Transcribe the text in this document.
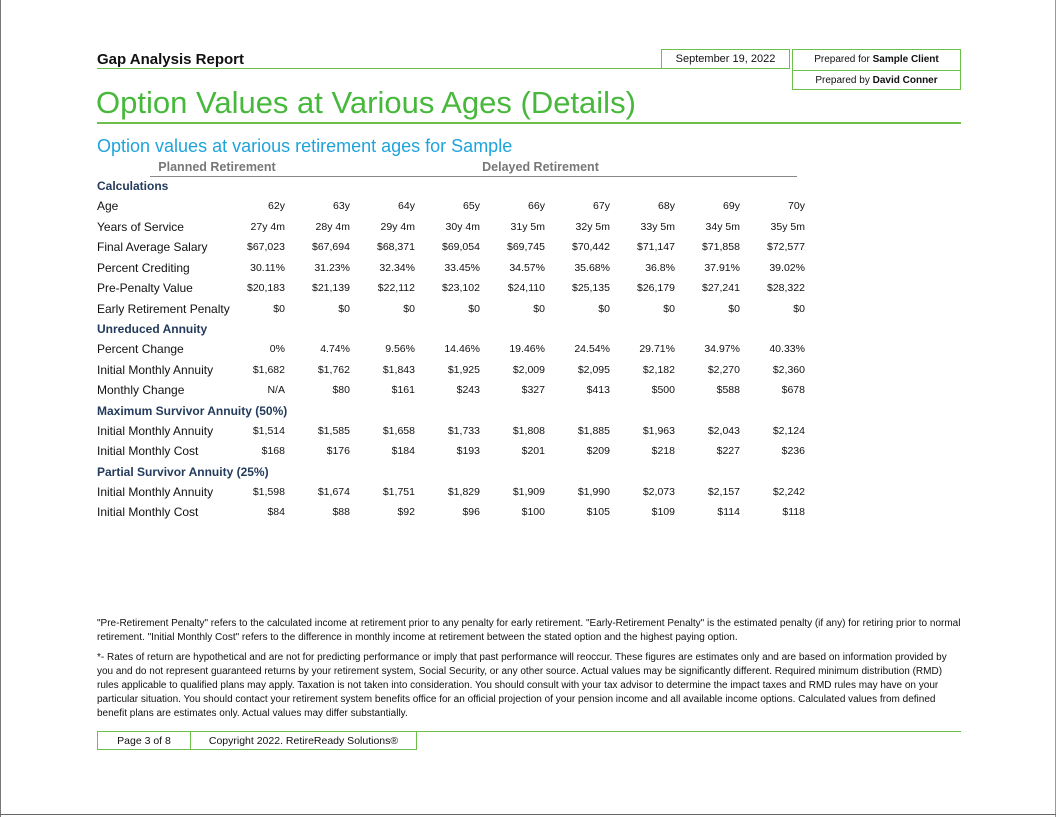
Gap Analysis Report	September 19, 2022	Prepared for Sample Client
Prepared by David Conner
Option Values at Various Ages (Details)
Option values at various retirement ages for Sample
Planned Retirement	Delayed Retirement
Calculations									
Age	62y	63y	64y	65y	66y	67y	68y	69y	70y
Years of Service	27y 4m	28y 4m	29y 4m	30y 4m	31y 5m	32y 5m	33y 5m	34y 5m	35y 5m
Final Average Salary	$67,023	$67,694	$68,371	$69,054	$69,745	$70,442	$71,147	$71,858	$72,577
Percent Crediting	30.11%	31.23%	32.34%	33.45%	34.57%	35.68%	36.8%	37.91%	39.02%
Pre-Penalty Value	$20,183	$21,139	$22,112	$23,102	$24,110	$25,135	$26,179	$27,241	$28,322
Early Retirement Penalty	$0	$0	$0	$0	$0	$0	$0	$0	$0
Unreduced Annuity									
Percent Change	0%	4.74%	9.56%	14.46%	19.46%	24.54%	29.71%	34.97%	40.33%
Initial Monthly Annuity	$1,682	$1,762	$1,843	$1,925	$2,009	$2,095	$2,182	$2,270	$2,360
Monthly Change	N/A	$80	$161	$243	$327	$413	$500	$588	$678
Maximum Survivor Annuity (50%)									
Initial Monthly Annuity	$1,514	$1,585	$1,658	$1,733	$1,808	$1,885	$1,963	$2,043	$2,124
Initial Monthly Cost	$168	$176	$184	$193	$201	$209	$218	$227	$236
Partial Survivor Annuity (25%)									
Initial Monthly Annuity	$1,598	$1,674	$1,751	$1,829	$1,909	$1,990	$2,073	$2,157	$2,242
Initial Monthly Cost	$84	$88	$92	$96	$100	$105	$109	$114	$118
"Pre-Retirement Penalty" refers to the calculated income at retirement prior to any penalty for early retirement. "Early-Retirement Penalty" is the estimated penalty (if any) for retiring prior to normal retirement. "Initial Monthly Cost" refers to the difference in monthly income at retirement between the stated option and the highest paying option.
*- Rates of return are hypothetical and are not for predicting performance or imply that past performance will reoccur. These figures are estimates only and are based on information provided by you and do not represent guaranteed returns by your retirement system, Social Security, or any other source. Actual values may be significantly different. Required minimum distribution (RMD) rules applicable to qualified plans may apply. Taxation is not taken into consideration. You should consult with your tax advisor to determine the impact taxes and RMD rules may have on your particular situation. You should contact your retirement system benefits office for an official projection of your pension income and all available income options. Calculated values from defined benefit plans are estimates only. Actual values may differ substantially.
Page 3 of 8	Copyright 2022. RetireReady Solutions®
